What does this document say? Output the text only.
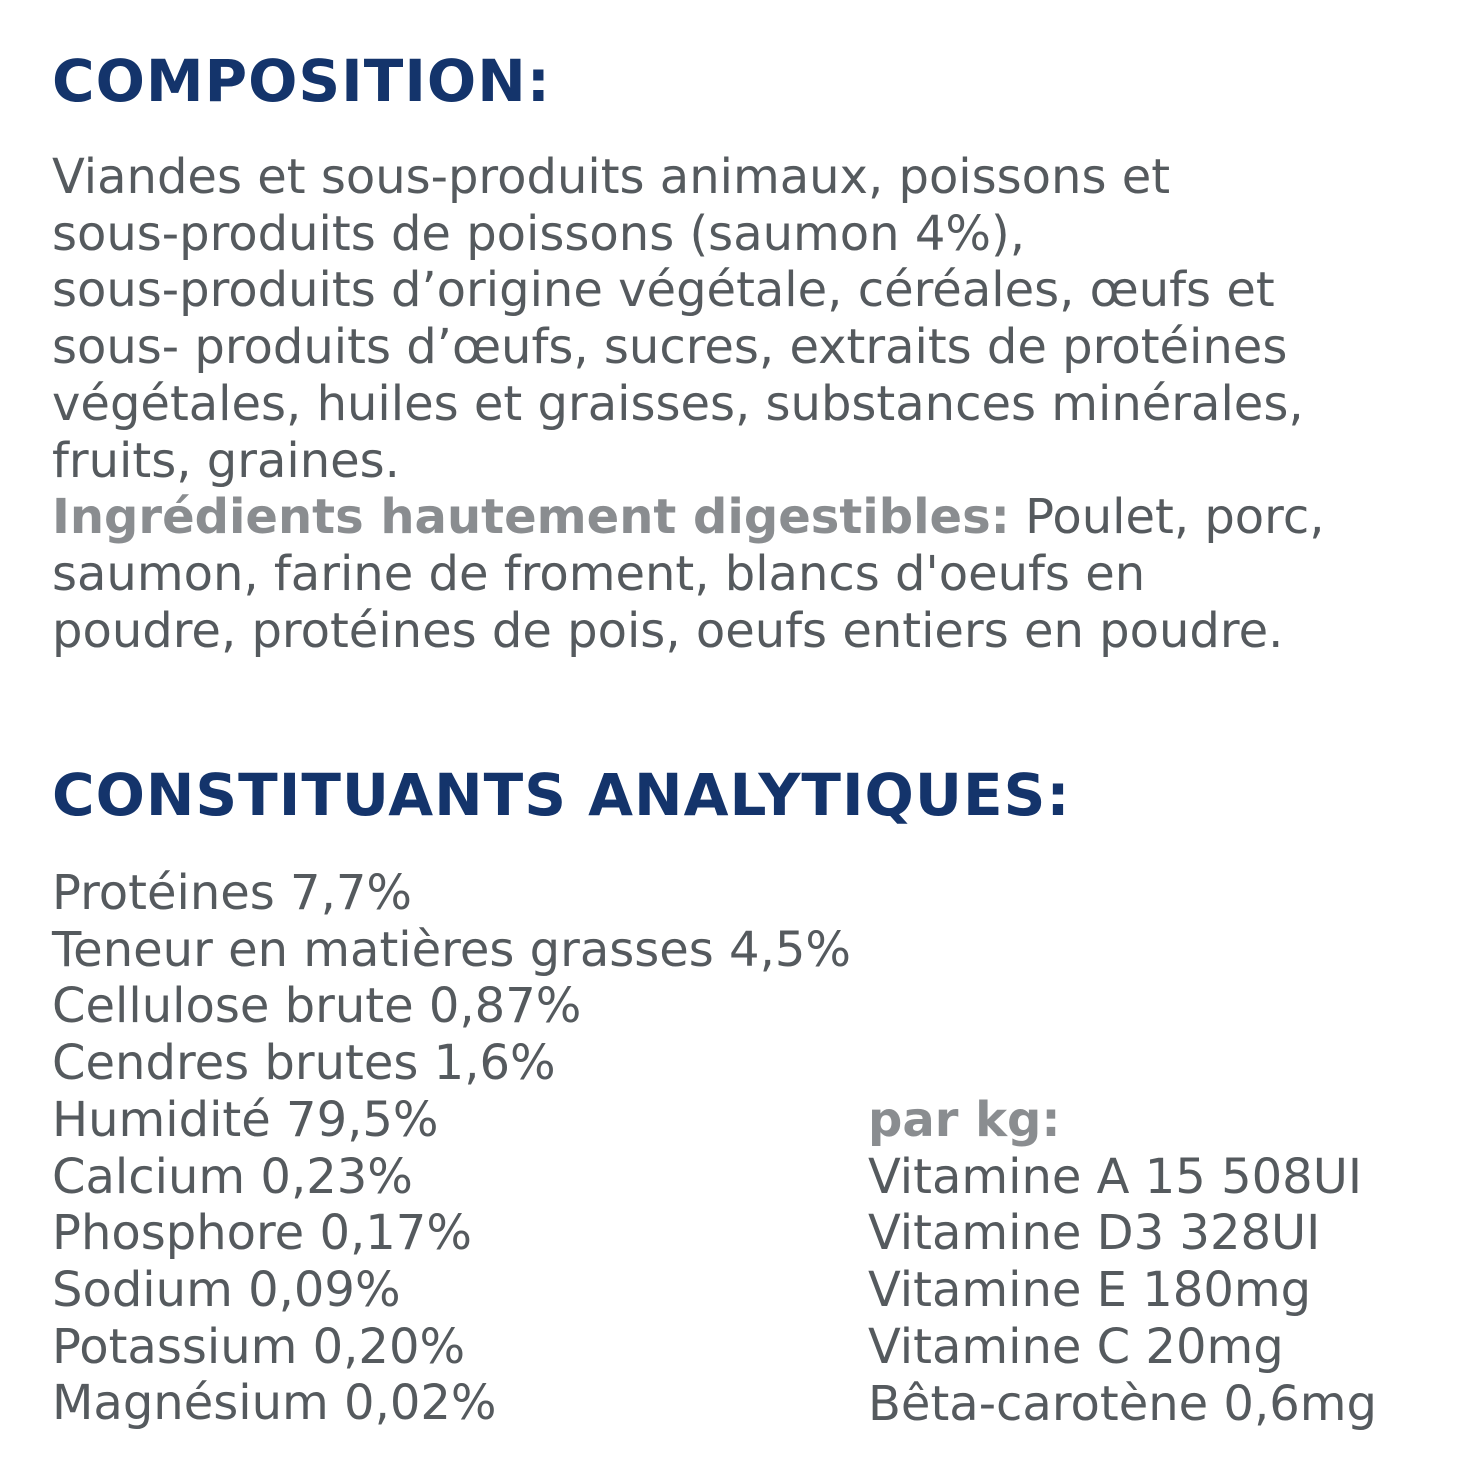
COMPOSITION:
Viandes et sous-produits animaux, poissons et
sous-produits de poissons (saumon 4%),
sous-produits d’origine végétale, céréales, œufs et
sous- produits d’œufs, sucres, extraits de protéines
végétales, huiles et graisses, substances minérales,
fruits, graines.
Ingrédients hautement digestibles: Poulet, porc,
saumon, farine de froment, blancs d'oeufs en
poudre, protéines de pois, oeufs entiers en poudre.
CONSTITUANTS ANALYTIQUES:
Protéines 7,7%
Teneur en matières grasses 4,5%
Cellulose brute 0,87%
Cendres brutes 1,6%
Humidité 79,5%
Calcium 0,23%
Phosphore 0,17%
Sodium 0,09%
Potassium 0,20%
Magnésium 0,02%
par kg:
Vitamine A 15 508UI
Vitamine D3 328UI
Vitamine E 180mg
Vitamine C 20mg
Bêta-carotène 0,6mg
